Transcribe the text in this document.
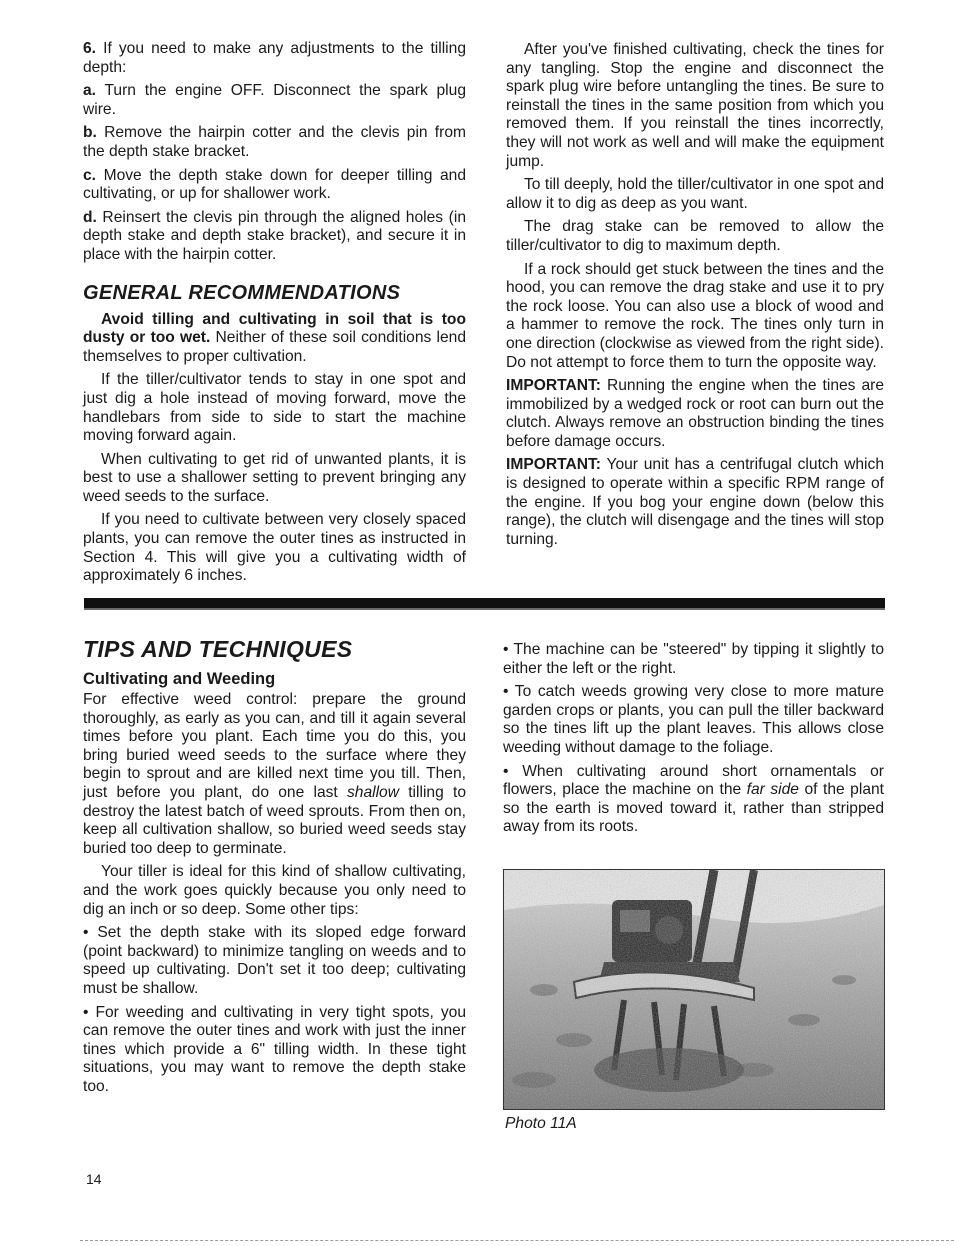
6. If you need to make any adjustments to the tilling depth:

a. Turn the engine OFF. Disconnect the spark plug wire.

b. Remove the hairpin cotter and the clevis pin from the depth stake bracket.

c. Move the depth stake down for deeper tilling and cultivating, or up for shallower work.

d. Reinsert the clevis pin through the aligned holes (in depth stake and depth stake bracket), and secure it in place with the hairpin cotter.

GENERAL RECOMMENDATIONS

Avoid tilling and cultivating in soil that is too dusty or too wet. Neither of these soil conditions lend themselves to proper cultivation.

If the tiller/cultivator tends to stay in one spot and just dig a hole instead of moving forward, move the handlebars from side to side to start the machine moving forward again.

When cultivating to get rid of unwanted plants, it is best to use a shallower setting to prevent bringing any weed seeds to the surface.

If you need to cultivate between very closely spaced plants, you can remove the outer tines as instructed in Section 4. This will give you a cultivating width of approximately 6 inches.

After you've finished cultivating, check the tines for any tangling. Stop the engine and disconnect the spark plug wire before untangling the tines. Be sure to reinstall the tines in the same position from which you removed them. If you reinstall the tines incorrectly, they will not work as well and will make the equipment jump.

To till deeply, hold the tiller/cultivator in one spot and allow it to dig as deep as you want.

The drag stake can be removed to allow the tiller/cultivator to dig to maximum depth.

If a rock should get stuck between the tines and the hood, you can remove the drag stake and use it to pry the rock loose. You can also use a block of wood and a hammer to remove the rock. The tines only turn in one direction (clockwise as viewed from the right side). Do not attempt to force them to turn the opposite way.

IMPORTANT: Running the engine when the tines are immobilized by a wedged rock or root can burn out the clutch. Always remove an obstruction binding the tines before damage occurs.

IMPORTANT: Your unit has a centrifugal clutch which is designed to operate within a specific RPM range of the engine. If you bog your engine down (below this range), the clutch will disengage and the tines will stop turning.

TIPS AND TECHNIQUES
Cultivating and Weeding

For effective weed control: prepare the ground thoroughly, as early as you can, and till it again several times before you plant. Each time you do this, you bring buried weed seeds to the surface where they begin to sprout and are killed next time you till. Then, just before you plant, do one last shallow tilling to destroy the latest batch of weed sprouts. From then on, keep all cultivation shallow, so buried weed seeds stay buried too deep to germinate.

Your tiller is ideal for this kind of shallow cultivating, and the work goes quickly because you only need to dig an inch or so deep. Some other tips:

• Set the depth stake with its sloped edge forward (point backward) to minimize tangling on weeds and to speed up cultivating. Don't set it too deep; cultivating must be shallow.

• For weeding and cultivating in very tight spots, you can remove the outer tines and work with just the inner tines which provide a 6" tilling width. In these tight situations, you may want to remove the depth stake too.

• The machine can be "steered" by tipping it slightly to either the left or the right.

• To catch weeds growing very close to more mature garden crops or plants, you can pull the tiller backward so the tines lift up the plant leaves. This allows close weeding without damage to the foliage.

• When cultivating around short ornamentals or flowers, place the machine on the far side of the plant so the earth is moved toward it, rather than stripped away from its roots.

Photo 11A

14
